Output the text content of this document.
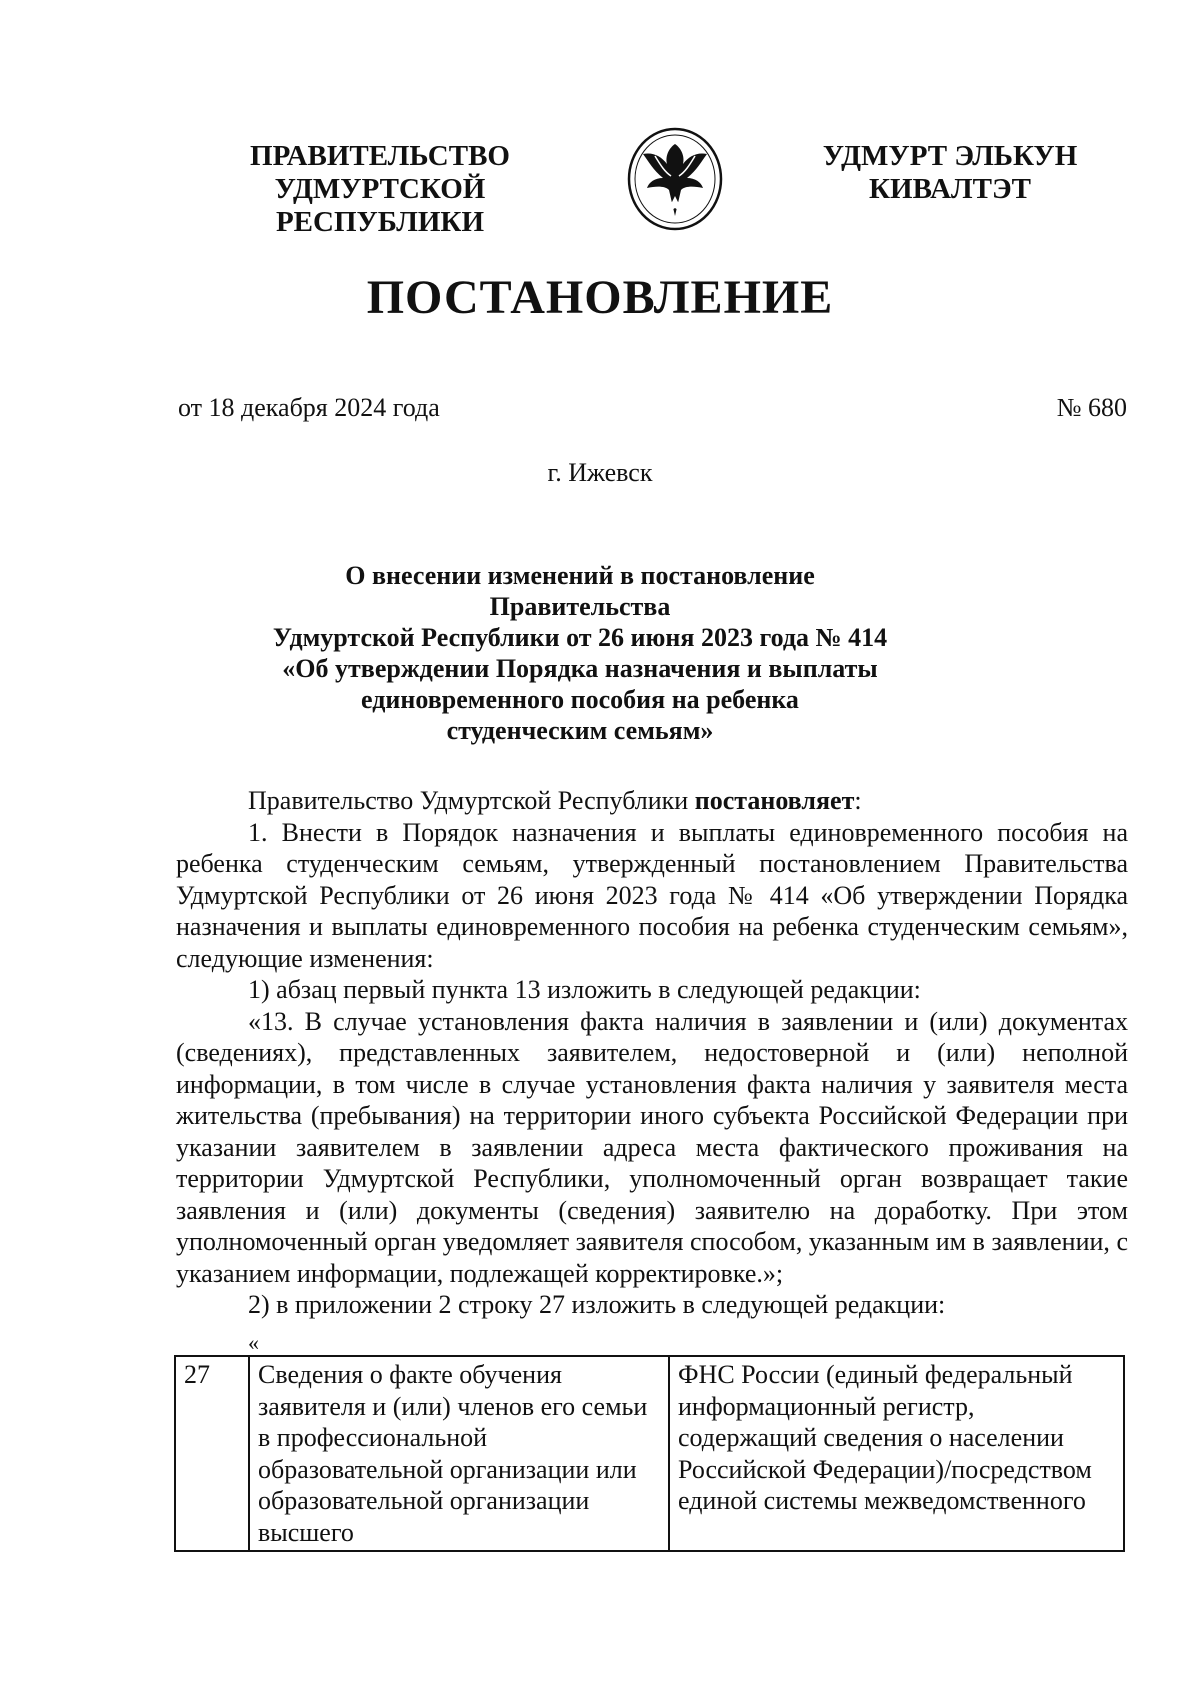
ПРАВИТЕЛЬСТВО
УДМУРТСКОЙ РЕСПУБЛИКИ
УДМУРТ ЭЛЬКУН
КИВАЛТЭТ
ПОСТАНОВЛЕНИЕ
от 18 декабря 2024 года	№ 680
г. Ижевск
О внесении изменений в постановление Правительства
Удмуртской Республики от 26 июня 2023 года № 414
«Об утверждении Порядка назначения и выплаты
единовременного пособия на ребенка
студенческим семьям»

Правительство Удмуртской Республики постановляет:

1. Внести в Порядок назначения и выплаты единовременного пособия на ребенка студенческим семьям, утвержденный постановлением Правительства Удмуртской Республики от 26 июня 2023 года № 414 «Об утверждении Порядка назначения и выплаты единовременного пособия на ребенка студенческим семьям», следующие изменения:

1) абзац первый пункта 13 изложить в следующей редакции:

«13. В случае установления факта наличия в заявлении и (или) документах (сведениях), представленных заявителем, недостоверной и (или) неполной информации, в том числе в случае установления факта наличия у заявителя места жительства (пребывания) на территории иного субъекта Российской Федерации при указании заявителем в заявлении адреса места фактического проживания на территории Удмуртской Республики, уполномоченный орган возвращает такие заявления и (или) документы (сведения) заявителю на доработку. При этом уполномоченный орган уведомляет заявителя способом, указанным им в заявлении, с указанием информации, подлежащей корректировке.»;

2) в приложении 2 строку 27 изложить в следующей редакции:

«
27	Сведения о факте обучения заявителя и (или) членов его семьи в профессиональной образовательной организации или образовательной организации высшего	ФНС России (единый федеральный информационный регистр, содержащий сведения о населении Российской Федерации)/посредством единой системы межведомственного
